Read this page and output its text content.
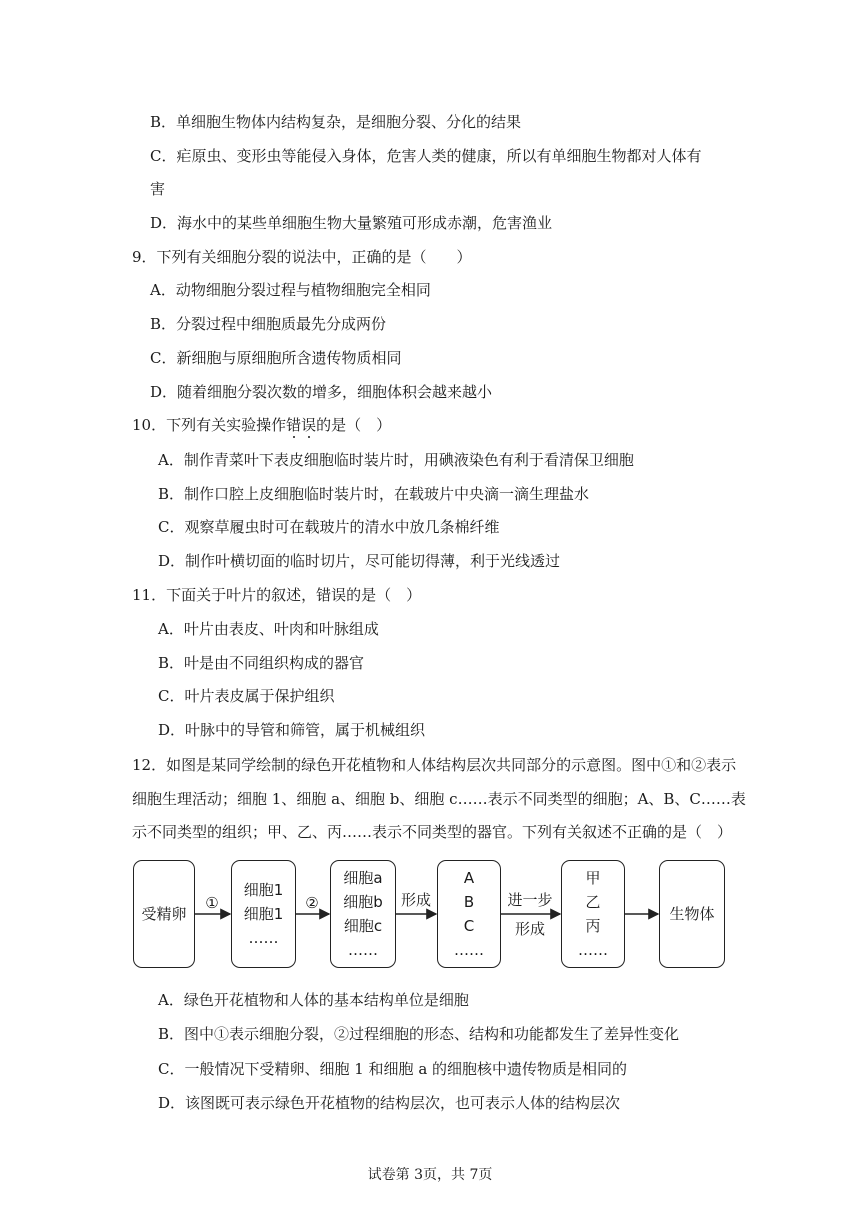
B．单细胞生物体内结构复杂，是细胞分裂、分化的结果
C．疟原虫、变形虫等能侵入身体，危害人类的健康，所以有单细胞生物都对人体有
害
D．海水中的某些单细胞生物大量繁殖可形成赤潮，危害渔业
9．下列有关细胞分裂的说法中，正确的是（　　）
A．动物细胞分裂过程与植物细胞完全相同
B．分裂过程中细胞质最先分成两份
C．新细胞与原细胞所含遗传物质相同
D．随着细胞分裂次数的增多，细胞体积会越来越小
10．下列有关实验操作错误的是（　）
A．制作青菜叶下表皮细胞临时装片时，用碘液染色有利于看清保卫细胞
B．制作口腔上皮细胞临时装片时，在载玻片中央滴一滴生理盐水
C．观察草履虫时可在载玻片的清水中放几条棉纤维
D．制作叶横切面的临时切片，尽可能切得薄，利于光线透过
11．下面关于叶片的叙述，错误的是（　）
A．叶片由表皮、叶肉和叶脉组成
B．叶是由不同组织构成的器官
C．叶片表皮属于保护组织
D．叶脉中的导管和筛管，属于机械组织
12．如图是某同学绘制的绿色开花植物和人体结构层次共同部分的示意图。图中①和②表示
细胞生理活动；细胞 1、细胞 a、细胞 b、细胞 c……表示不同类型的细胞；A、B、C……表
示不同类型的组织；甲、乙、丙……表示不同类型的器官。下列有关叙述不正确的是（　）
受精卵
①
细胞1
细胞1
……
②
细胞a
细胞b
细胞c
……
形成
A
B
C
……
进一步
形成
甲
乙
丙
……
生物体
A．绿色开花植物和人体的基本结构单位是细胞
B．图中①表示细胞分裂，②过程细胞的形态、结构和功能都发生了差异性变化
C．一般情况下受精卵、细胞 1 和细胞 a 的细胞核中遗传物质是相同的
D．该图既可表示绿色开花植物的结构层次，也可表示人体的结构层次
试卷第 3页，共 7页
